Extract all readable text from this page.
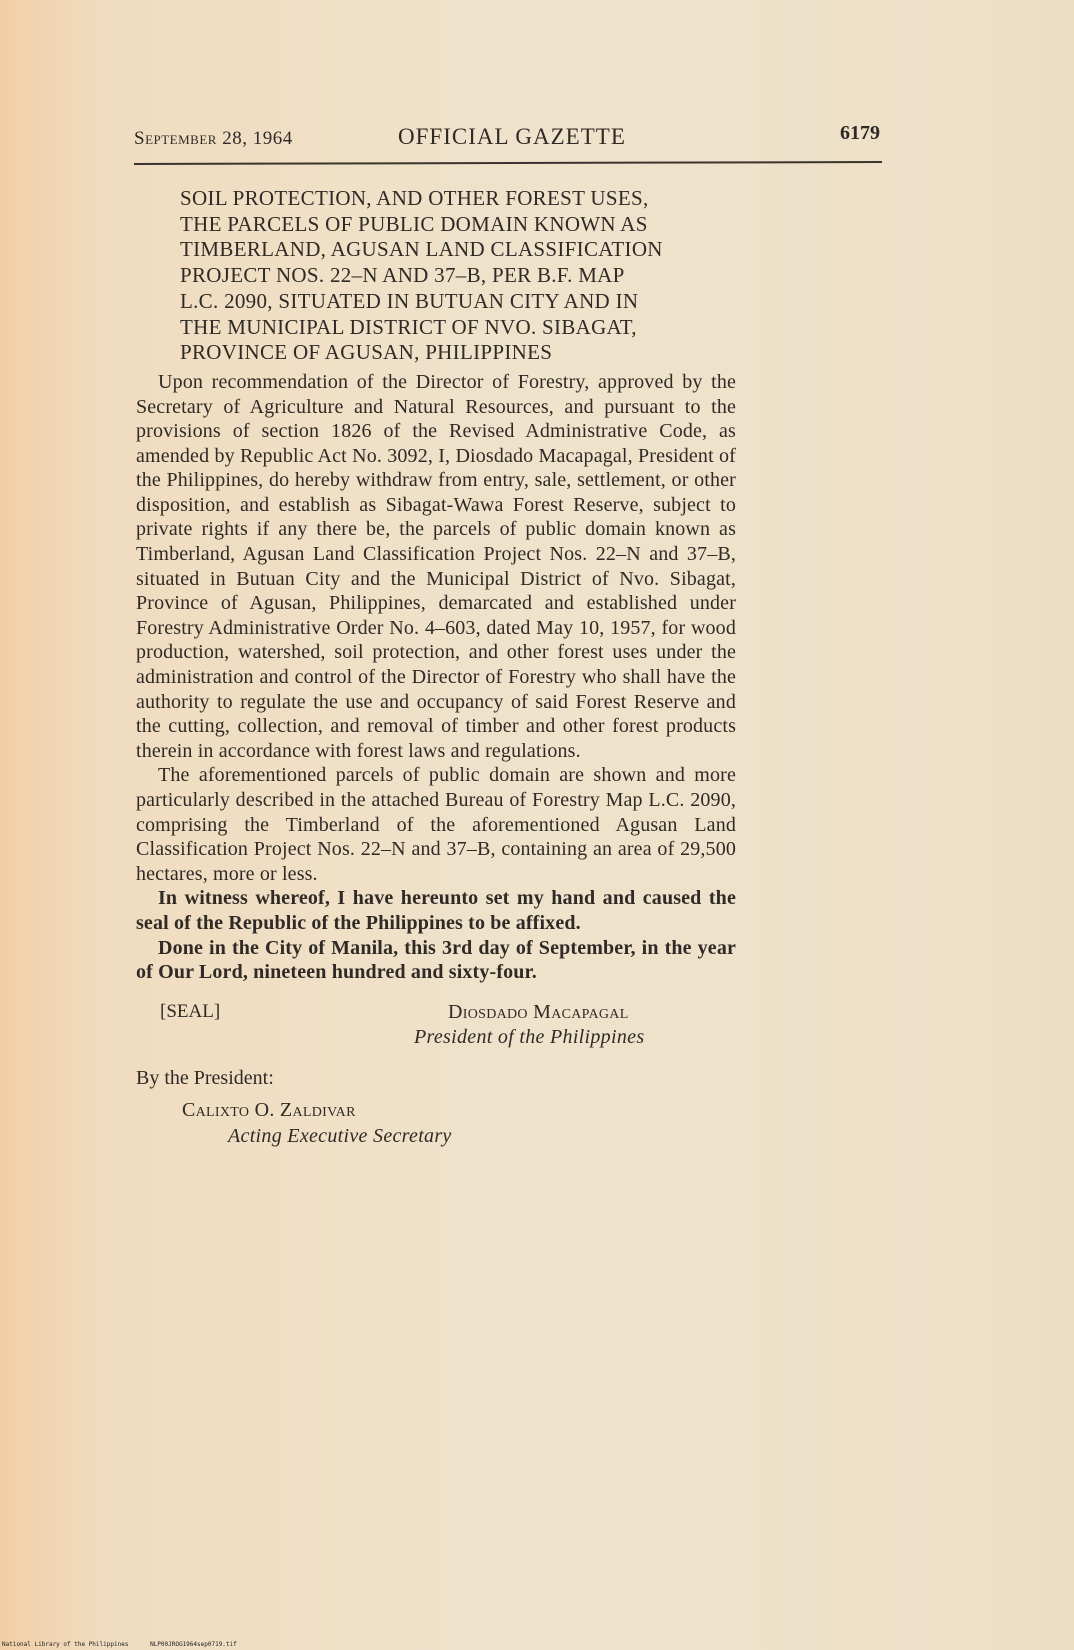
September 28, 1964	OFFICIAL GAZETTE	6179
SOIL PROTECTION, AND OTHER FOREST USES,
THE PARCELS OF PUBLIC DOMAIN KNOWN AS
TIMBERLAND, AGUSAN LAND CLASSIFICATION
PROJECT NOS. 22–N AND 37–B, PER B.F. MAP
L.C. 2090, SITUATED IN BUTUAN CITY AND IN
THE MUNICIPAL DISTRICT OF NVO. SIBAGAT,
PROVINCE OF AGUSAN, PHILIPPINES

Upon recommendation of the Director of Forestry, approved by the Secretary of Agriculture and Natural Resources, and pursuant to the provisions of section 1826 of the Revised Administrative Code, as amended by Republic Act No. 3092, I, Diosdado Macapagal, President of the Philippines, do hereby withdraw from entry, sale, settlement, or other disposition, and establish as Sibagat-Wawa Forest Reserve, subject to private rights if any there be, the parcels of public domain known as Timberland, Agusan Land Classification Project Nos. 22–N and 37–B, situated in Butuan City and the Municipal District of Nvo. Sibagat, Province of Agusan, Philippines, demarcated and established under Forestry Administrative Order No. 4–603, dated May 10, 1957, for wood production, watershed, soil protection, and other forest uses under the administration and control of the Director of Forestry who shall have the authority to regulate the use and occupancy of said Forest Reserve and the cutting, collection, and removal of timber and other forest products therein in accordance with forest laws and regulations.

The aforementioned parcels of public domain are shown and more particularly described in the attached Bureau of Forestry Map L.C. 2090, comprising the Timberland of the aforementioned Agusan Land Classification Project Nos. 22–N and 37–B, containing an area of 29,500 hectares, more or less.

In witness whereof, I have hereunto set my hand and caused the seal of the Republic of the Philippines to be affixed.

Done in the City of Manila, this 3rd day of September, in the year of Our Lord, nineteen hundred and sixty-four.

[SEAL]	Diosdado Macapagal
President of the Philippines
By the President:
Calixto O. Zaldivar
Acting Executive Secretary
National Library of the Philippines	NLP00JROG1964sep0719.tif
